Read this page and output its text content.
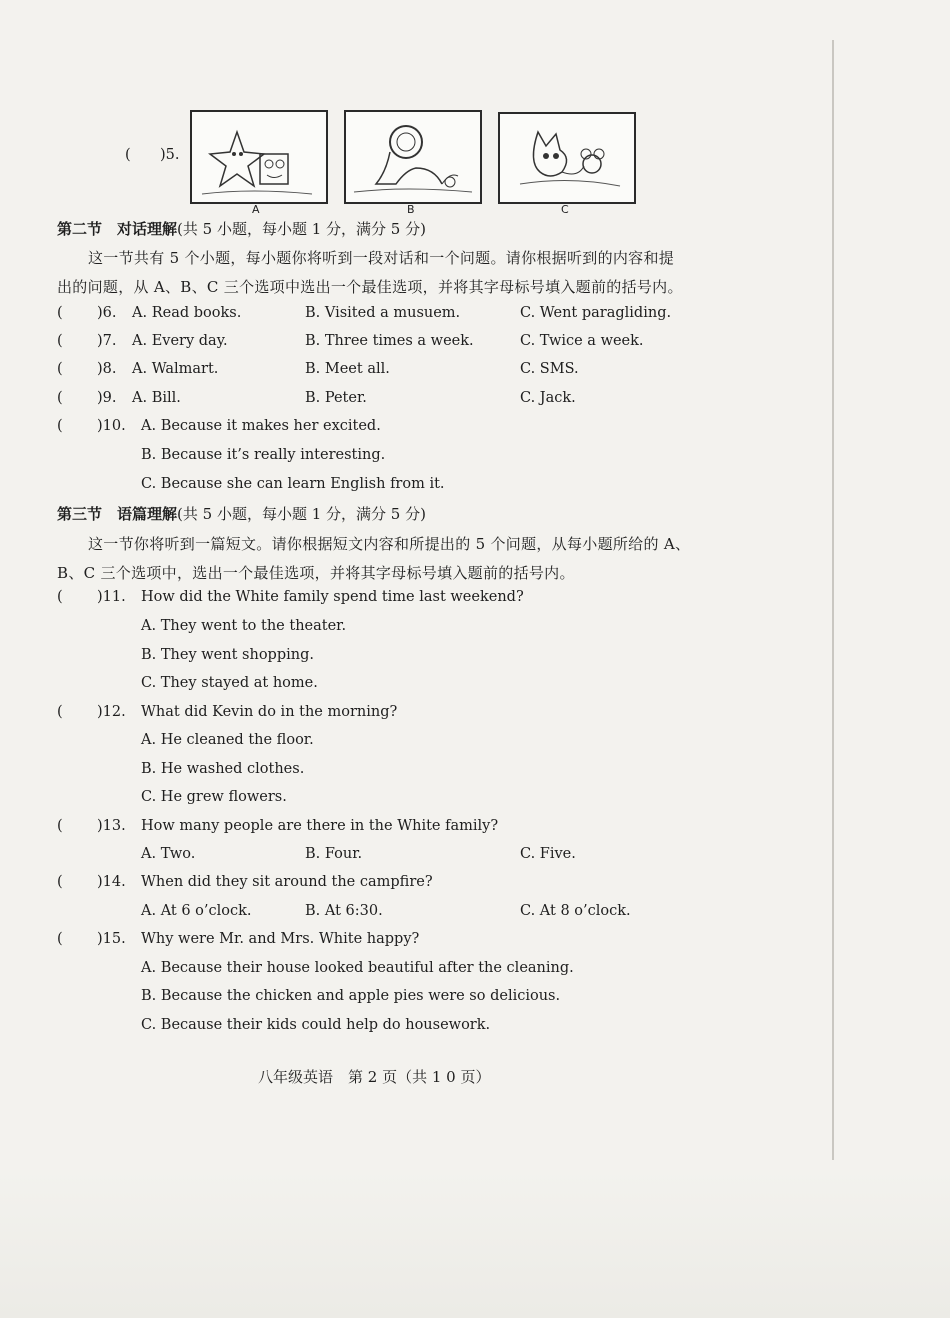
( )5.
A	B	C
第二节　对话理解(共 5 小题，每小题 1 分，满分 5 分)
这一节共有 5 个小题，每小题你将听到一段对话和一个问题。请你根据听到的内容和提
出的问题，从 A、B、C 三个选项中选出一个最佳选项，并将其字母标号填入题前的括号内。
( )6. A. Read books.	B. Visited a musuem.	C. Went paragliding.
( )7. A. Every day.	B. Three times a week.	C. Twice a week.
( )8. A. Walmart.	B. Meet all.	C. SMS.
( )9. A. Bill.	B. Peter.	C. Jack.
( )10. A. Because it makes her excited.
B. Because it’s really interesting.
C. Because she can learn English from it.
第三节　语篇理解(共 5 小题，每小题 1 分，满分 5 分)
这一节你将听到一篇短文。请你根据短文内容和所提出的 5 个问题，从每小题所给的 A、
B、C 三个选项中，选出一个最佳选项，并将其字母标号填入题前的括号内。
( )11. How did the White family spend time last weekend?
A. They went to the theater.
B. They went shopping.
C. They stayed at home.
( )12. What did Kevin do in the morning?
A. He cleaned the floor.
B. He washed clothes.
C. He grew flowers.
( )13. How many people are there in the White family?
A. Two.	B. Four.	C. Five.
( )14. When did they sit around the campfire?
A. At 6 o’clock.	B. At 6:30.	C. At 8 o’clock.
( )15. Why were Mr. and Mrs. White happy?
A. Because their house looked beautiful after the cleaning.
B. Because the chicken and apple pies were so delicious.
C. Because their kids could help do housework.
八年级英语　第 2 页（共 1 0 页）
